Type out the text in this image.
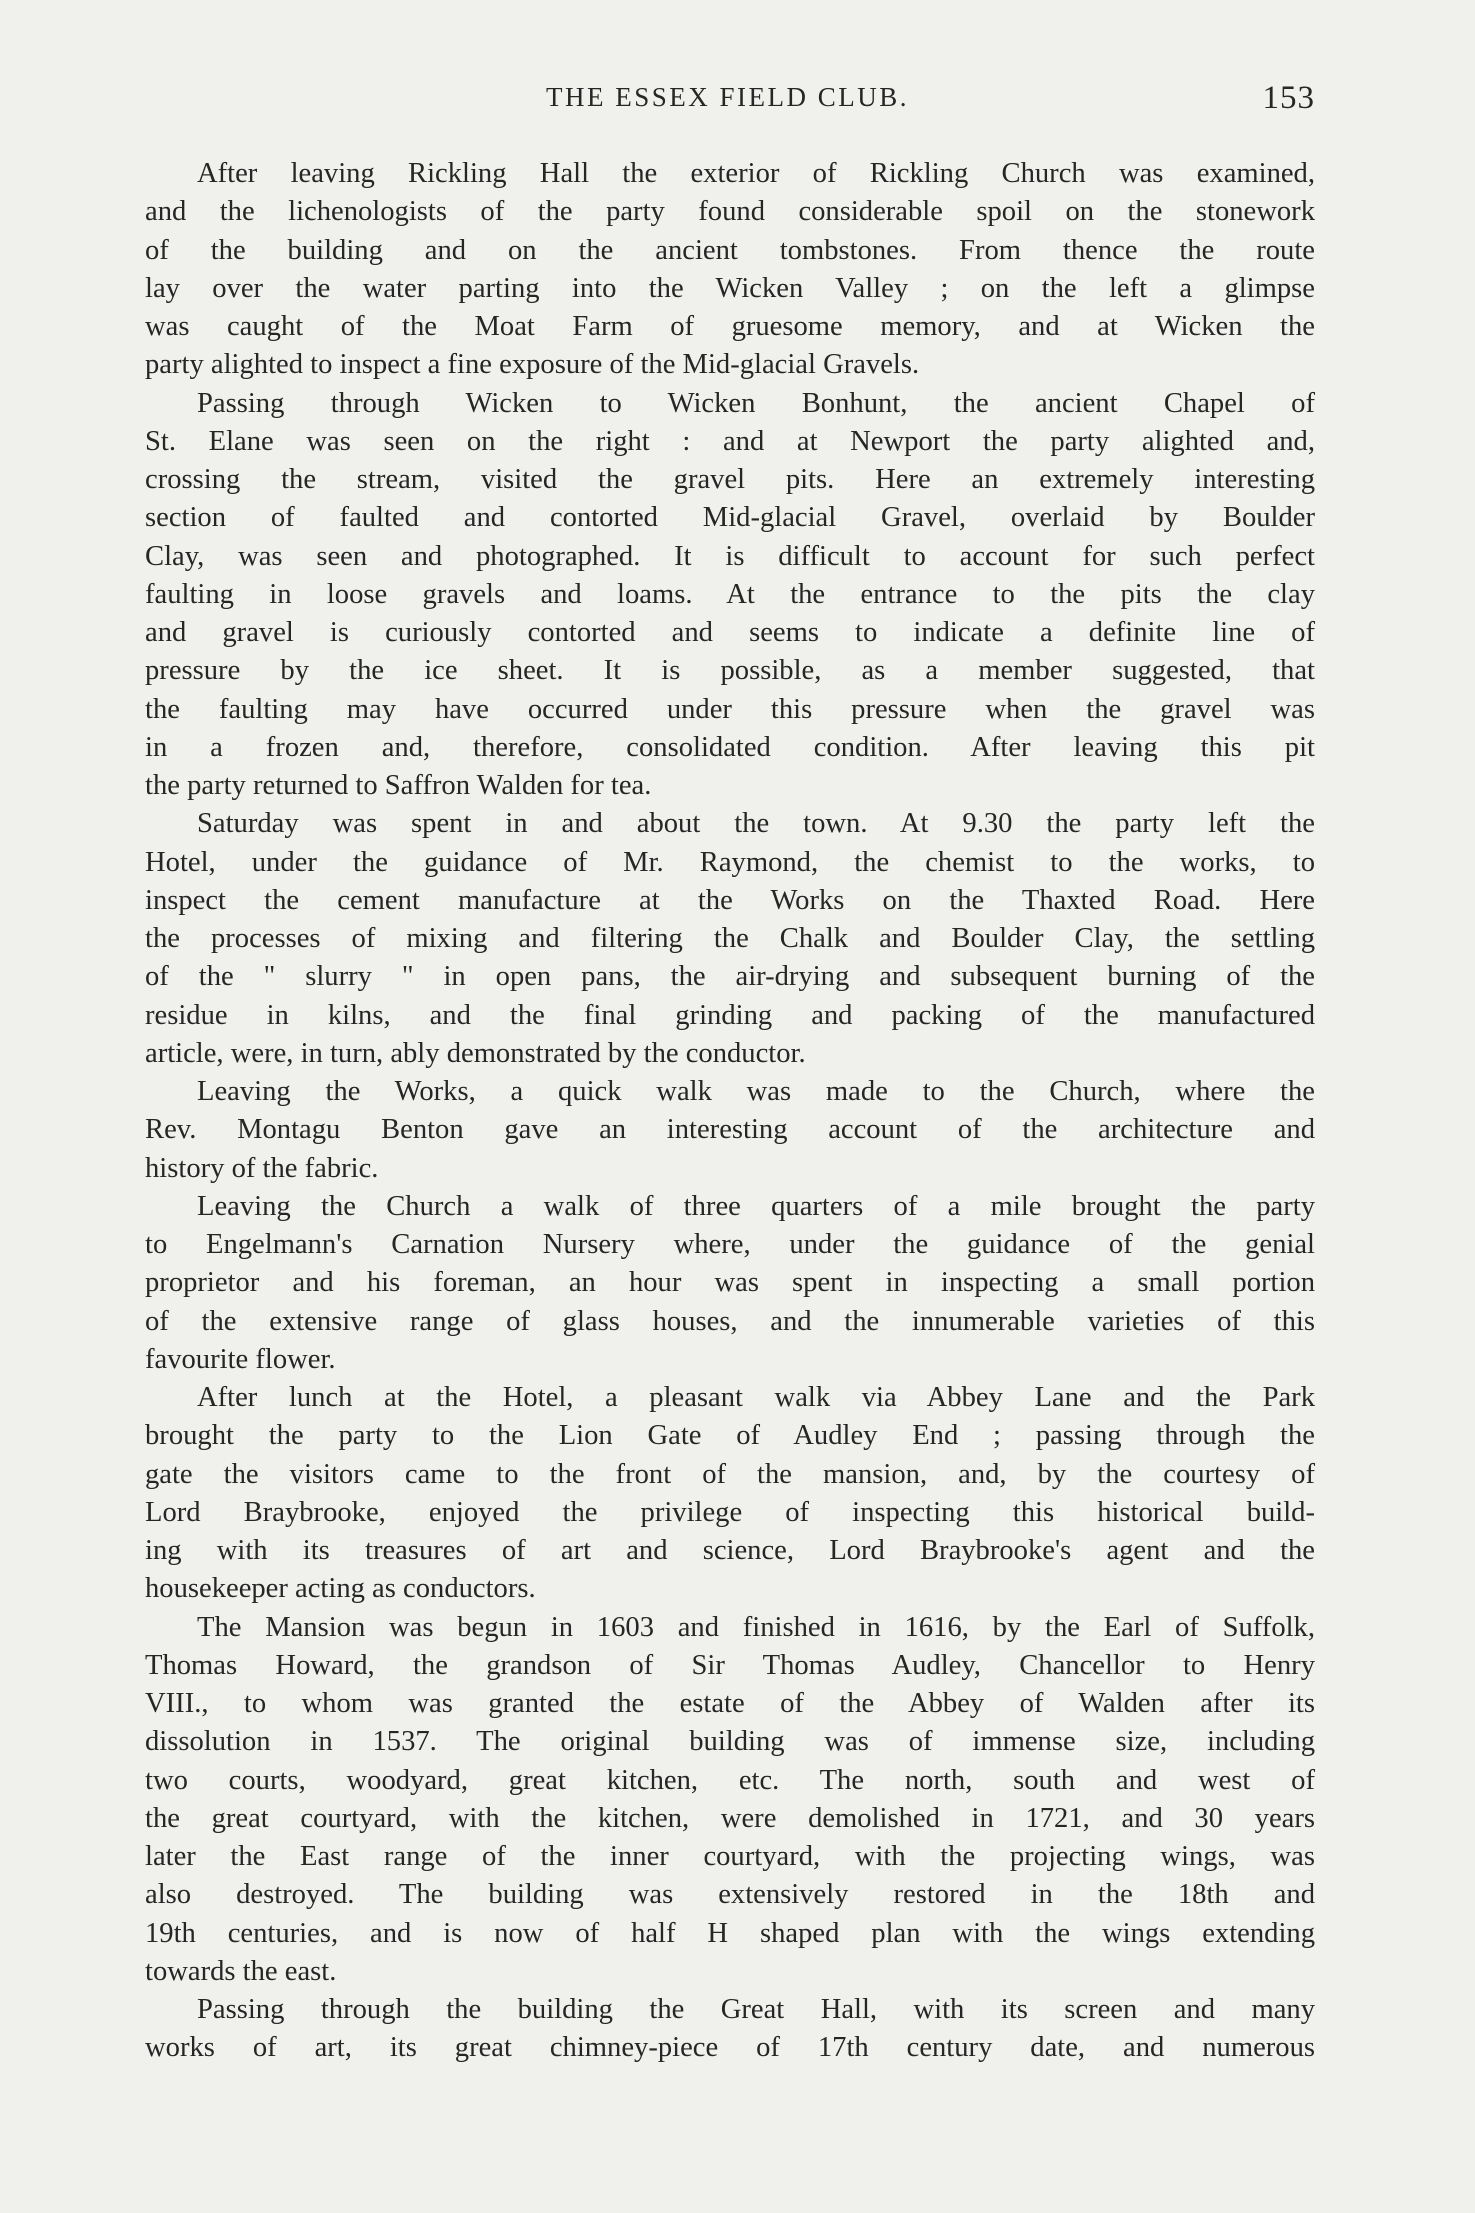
THE ESSEX FIELD CLUB.	153

After leaving Rickling Hall the exterior of Rickling Church was examined,
and the lichenologists of the party found considerable spoil on the stonework
of the building and on the ancient tombstones. From thence the route
lay over the water parting into the Wicken Valley ; on the left a glimpse
was caught of the Moat Farm of gruesome memory, and at Wicken the
party alighted to inspect a fine exposure of the Mid-glacial Gravels.

Passing through Wicken to Wicken Bonhunt, the ancient Chapel of
St. Elane was seen on the right : and at Newport the party alighted and,
crossing the stream, visited the gravel pits. Here an extremely interesting
section of faulted and contorted Mid-glacial Gravel, overlaid by Boulder
Clay, was seen and photographed. It is difficult to account for such perfect
faulting in loose gravels and loams. At the entrance to the pits the clay
and gravel is curiously contorted and seems to indicate a definite line of
pressure by the ice sheet. It is possible, as a member suggested, that
the faulting may have occurred under this pressure when the gravel was
in a frozen and, therefore, consolidated condition. After leaving this pit
the party returned to Saffron Walden for tea.

Saturday was spent in and about the town. At 9.30 the party left the
Hotel, under the guidance of Mr. Raymond, the chemist to the works, to
inspect the cement manufacture at the Works on the Thaxted Road. Here
the processes of mixing and filtering the Chalk and Boulder Clay, the settling
of the " slurry " in open pans, the air-drying and subsequent burning of the
residue in kilns, and the final grinding and packing of the manufactured
article, were, in turn, ably demonstrated by the conductor.

Leaving the Works, a quick walk was made to the Church, where the
Rev. Montagu Benton gave an interesting account of the architecture and
history of the fabric.

Leaving the Church a walk of three quarters of a mile brought the party
to Engelmann's Carnation Nursery where, under the guidance of the genial
proprietor and his foreman, an hour was spent in inspecting a small portion
of the extensive range of glass houses, and the innumerable varieties of this
favourite flower.

After lunch at the Hotel, a pleasant walk via Abbey Lane and the Park
brought the party to the Lion Gate of Audley End ; passing through the
gate the visitors came to the front of the mansion, and, by the courtesy of
Lord Braybrooke, enjoyed the privilege of inspecting this historical build-
ing with its treasures of art and science, Lord Braybrooke's agent and the
housekeeper acting as conductors.

The Mansion was begun in 1603 and finished in 1616, by the Earl of Suffolk,
Thomas Howard, the grandson of Sir Thomas Audley, Chancellor to Henry
VIII., to whom was granted the estate of the Abbey of Walden after its
dissolution in 1537. The original building was of immense size, including
two courts, woodyard, great kitchen, etc. The north, south and west of
the great courtyard, with the kitchen, were demolished in 1721, and 30 years
later the East range of the inner courtyard, with the projecting wings, was
also destroyed. The building was extensively restored in the 18th and
19th centuries, and is now of half H shaped plan with the wings extending
towards the east.

Passing through the building the Great Hall, with its screen and many
works of art, its great chimney-piece of 17th century date, and numerous
